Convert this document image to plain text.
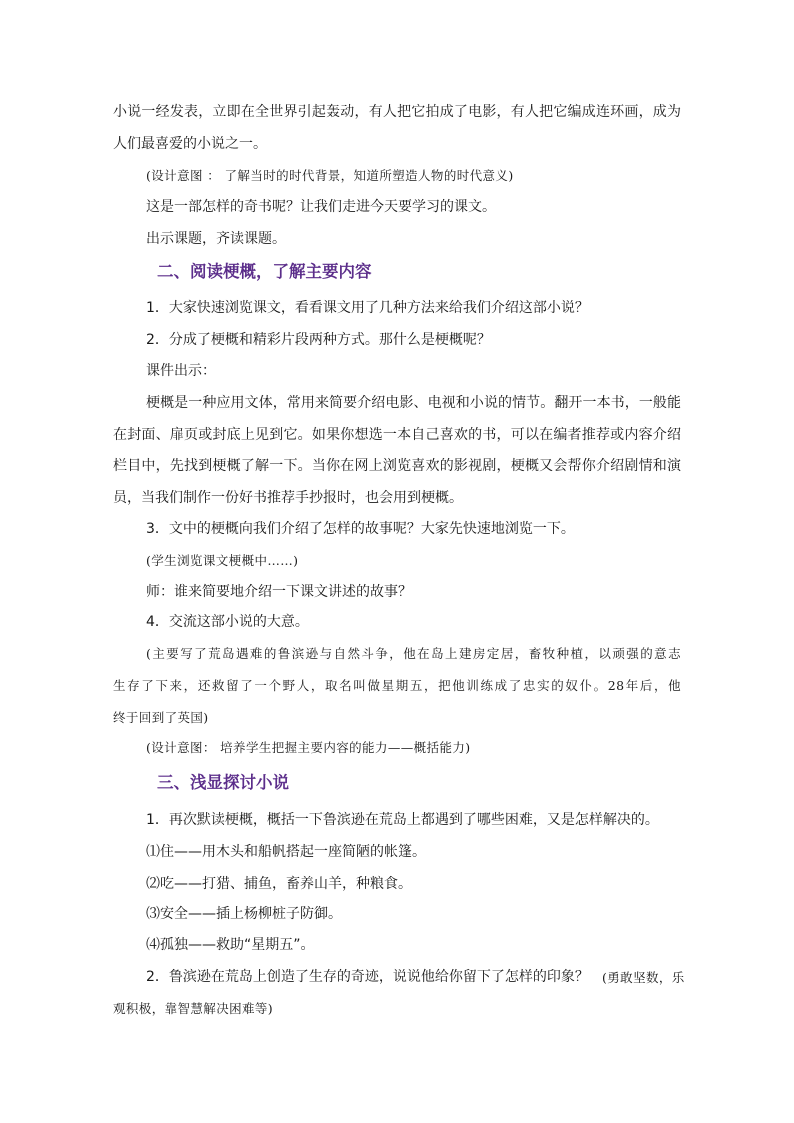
小说一经发表，立即在全世界引起轰动，有人把它拍成了电影，有人把它编成连环画，成为

人们最喜爱的小说之一。

(设计意图 ： 了解当时的时代背景，知道所塑造人物的时代意义)

这是一部怎样的奇书呢？让我们走进今天要学习的课文。

出示课题，齐读课题。

二、阅读梗概，了解主要内容

1．大家快速浏览课文，看看课文用了几种方法来给我们介绍这部小说？

2．分成了梗概和精彩片段两种方式。那什么是梗概呢？

课件出示：

梗概是一种应用文体，常用来简要介绍电影、电视和小说的情节。翻开一本书，一般能

在封面、扉页或封底上见到它。如果你想选一本自己喜欢的书，可以在编者推荐或内容介绍

栏目中，先找到梗概了解一下。当你在网上浏览喜欢的影视剧，梗概又会帮你介绍剧情和演

员，当我们制作一份好书推荐手抄报时，也会用到梗概。

3．文中的梗概向我们介绍了怎样的故事呢？大家先快速地浏览一下。

(学生浏览课文梗概中……)

师：谁来简要地介绍一下课文讲述的故事？

4．交流这部小说的大意。

(主要写了荒岛遇难的鲁滨逊与自然斗争，他在岛上建房定居，畜牧种植，以顽强的意志

生存了下来，还救留了一个野人，取名叫做星期五，把他训练成了忠实的奴仆。28年后，他

终于回到了英国)

(设计意图： 培养学生把握主要内容的能力——概括能力)

三、浅显探讨小说

1．再次默读梗概，概括一下鲁滨逊在荒岛上都遇到了哪些困难，又是怎样解决的。

⑴住——用木头和船帆搭起一座简陋的帐篷。

⑵吃——打猎、捕鱼，畜养山羊，种粮食。

⑶安全——插上杨柳桩子防御。

⑷孤独——救助“星期五”。

2．鲁滨逊在荒岛上创造了生存的奇迹，说说他给你留下了怎样的印象？ (勇敢坚数，乐

观积极，靠智慧解决困难等)
